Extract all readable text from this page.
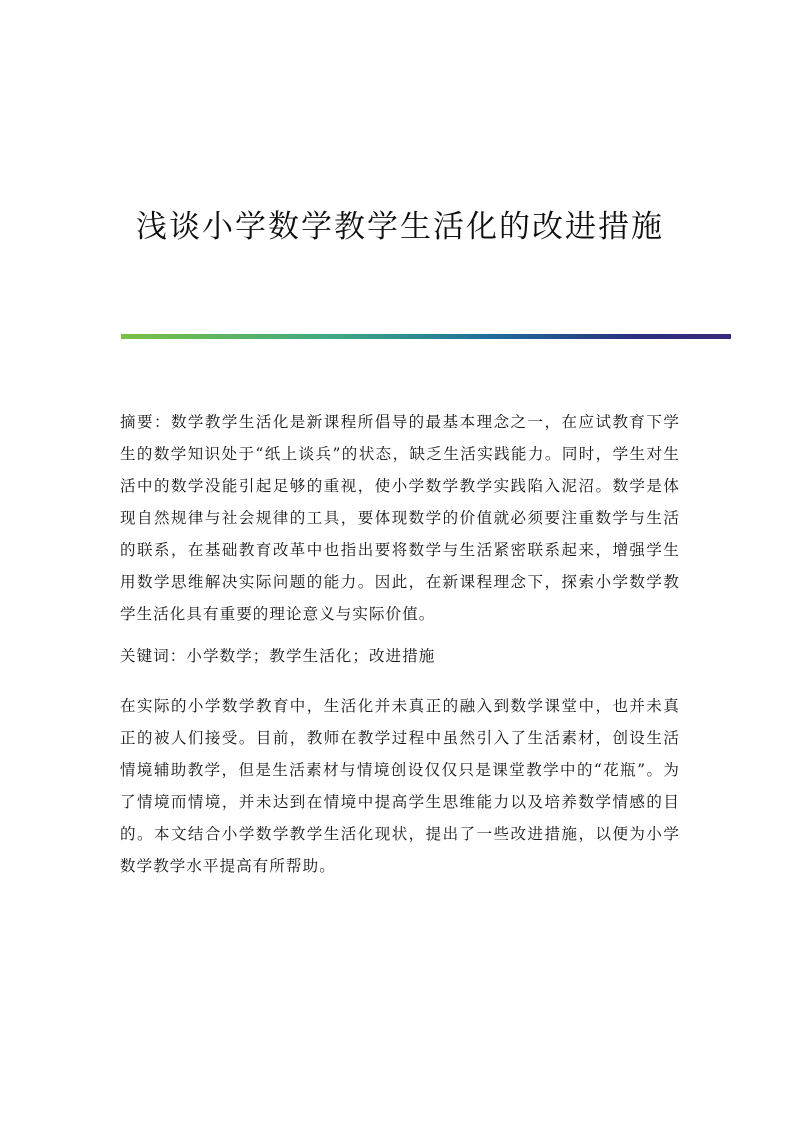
浅谈小学数学教学生活化的改进措施

摘要：数学教学生活化是新课程所倡导的最基本理念之一，在应试教育下学生的数学知识处于“纸上谈兵”的状态，缺乏生活实践能力。同时，学生对生活中的数学没能引起足够的重视，使小学数学教学实践陷入泥沼。数学是体现自然规律与社会规律的工具，要体现数学的价值就必须要注重数学与生活的联系，在基础教育改革中也指出要将数学与生活紧密联系起来，增强学生用数学思维解决实际问题的能力。因此，在新课程理念下，探索小学数学教学生活化具有重要的理论意义与实际价值。

关键词：小学数学；教学生活化；改进措施

在实际的小学数学教育中，生活化并未真正的融入到数学课堂中，也并未真正的被人们接受。目前，教师在教学过程中虽然引入了生活素材，创设生活情境辅助教学，但是生活素材与情境创设仅仅只是课堂教学中的“花瓶”。为了情境而情境，并未达到在情境中提高学生思维能力以及培养数学情感的目的。本文结合小学数学教学生活化现状，提出了一些改进措施，以便为小学数学教学水平提高有所帮助。
